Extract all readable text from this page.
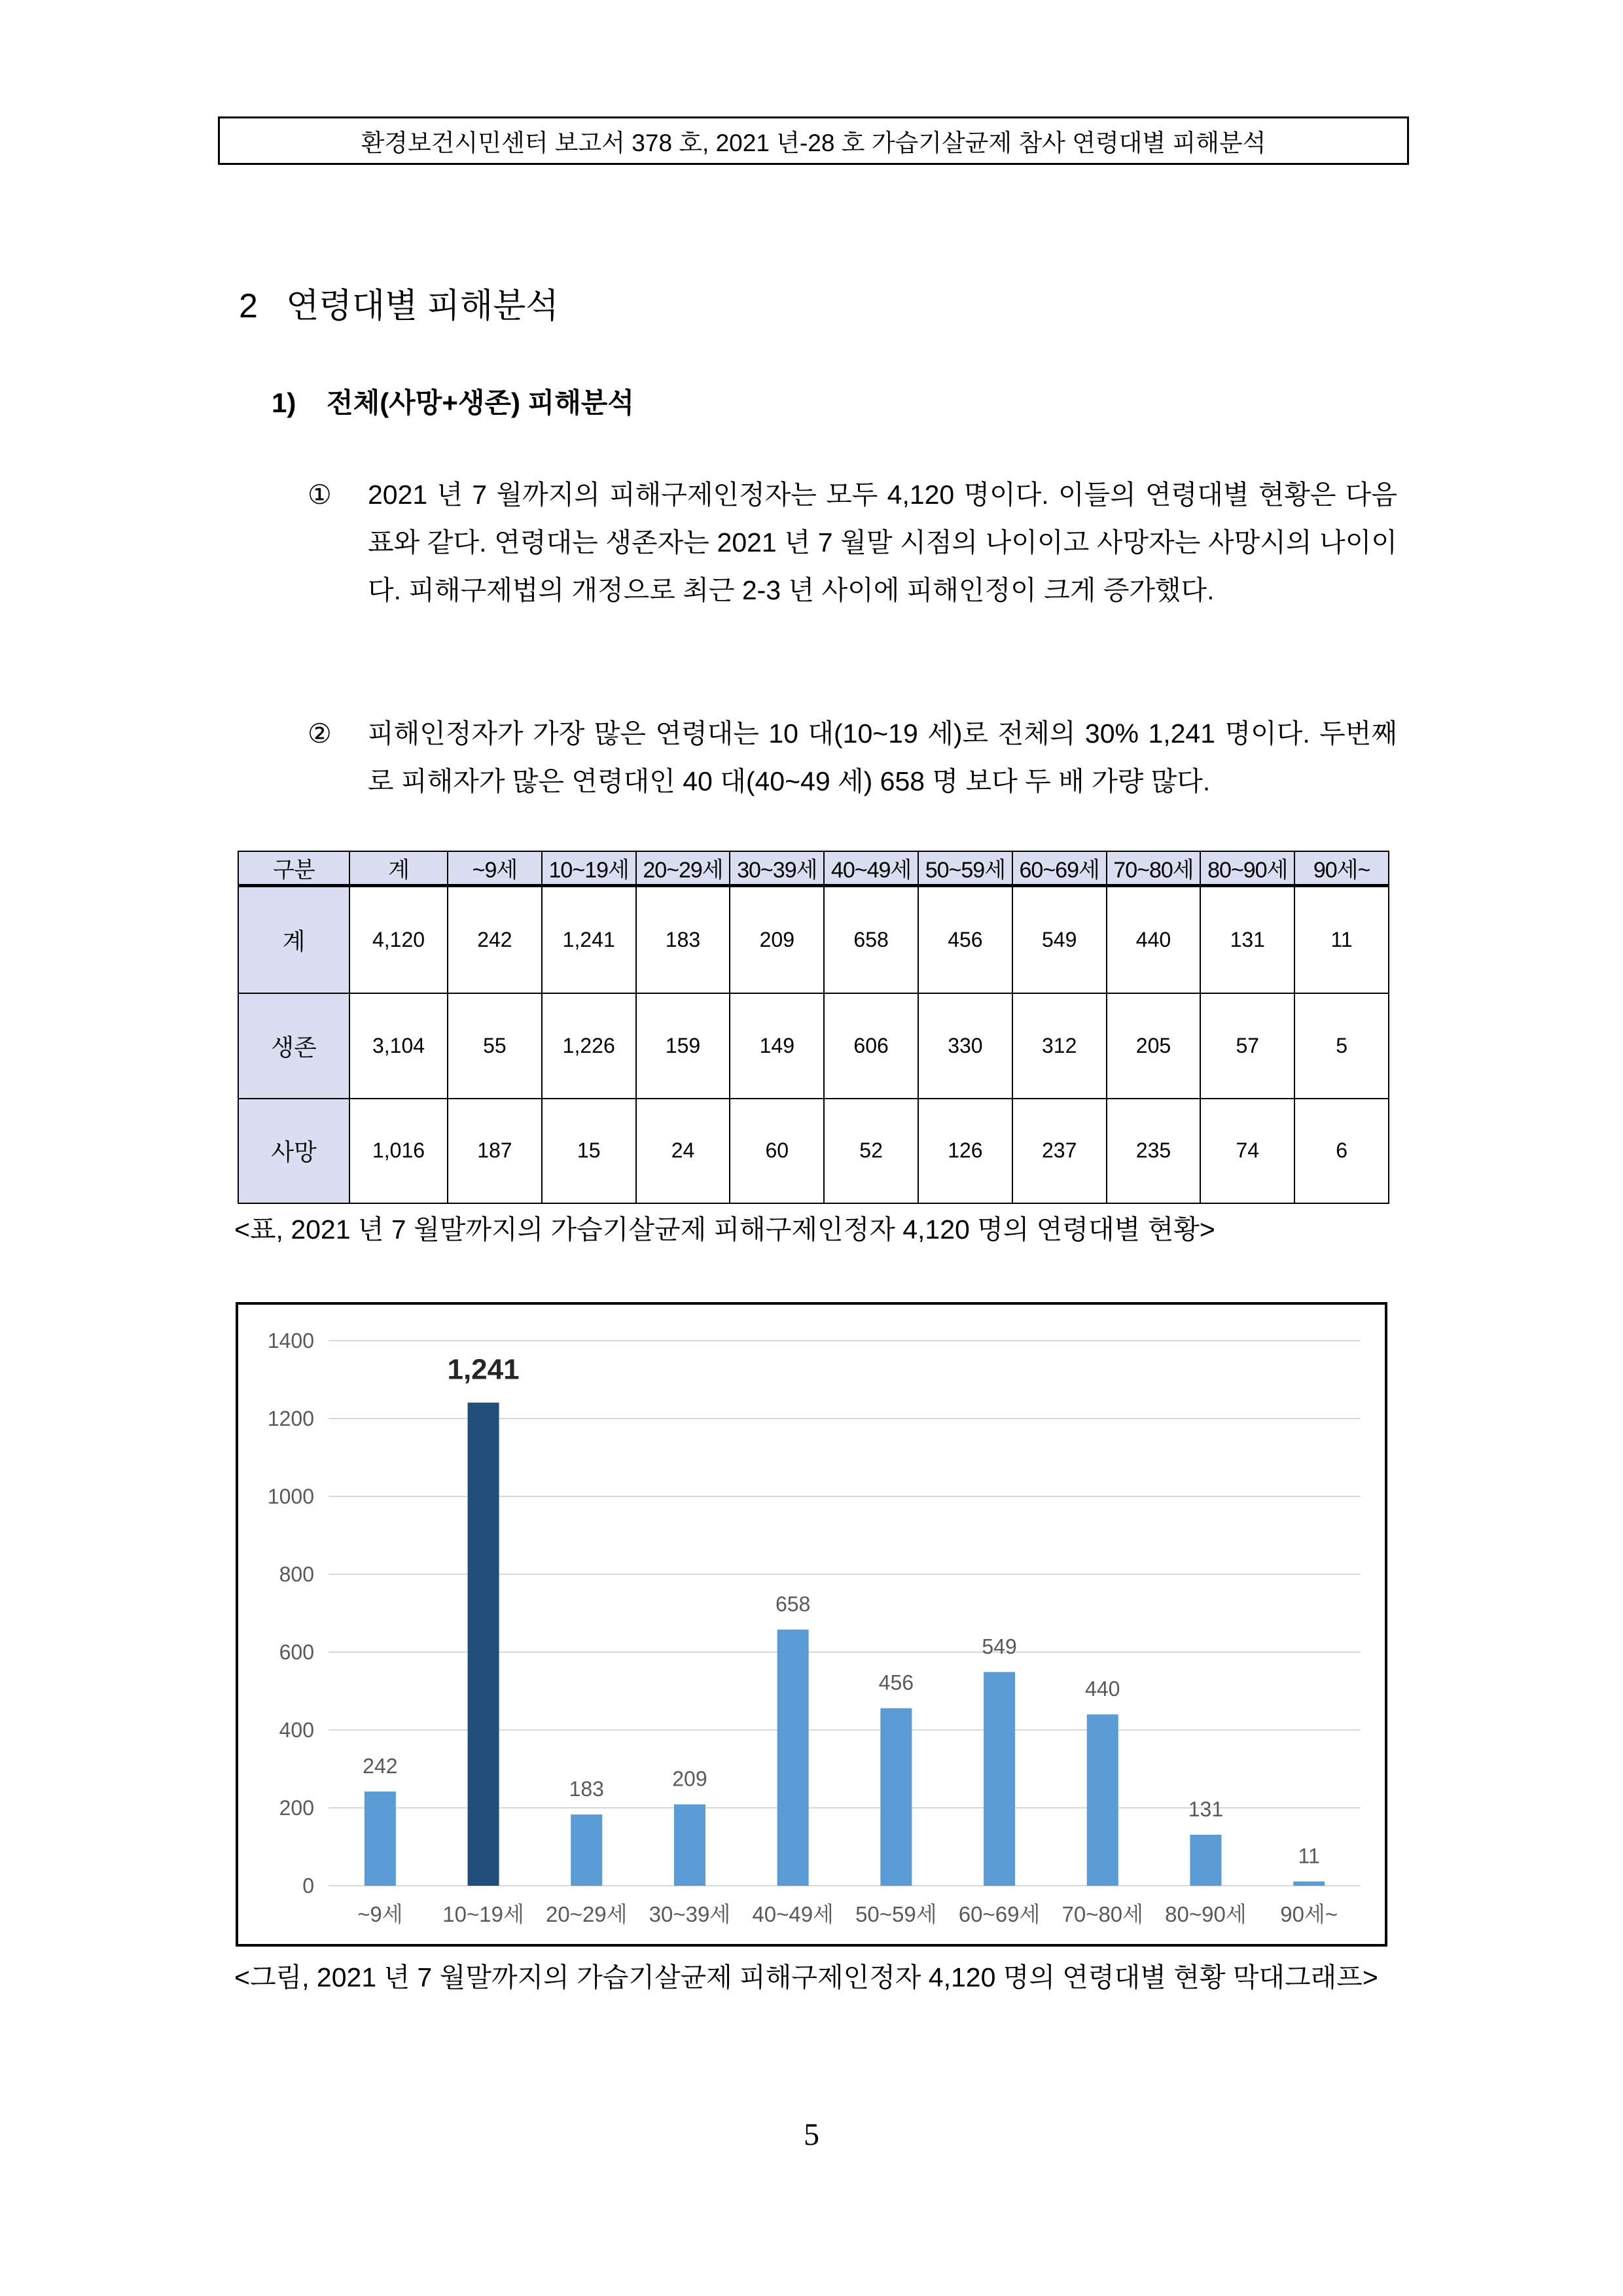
환경보건시민센터 보고서 378 호, 2021 년-28 호 가습기살균제 참사 연령대별 피해분석
2 연령대별 피해분석
1) 전체(사망+생존) 피해분석
①	2021 년 7 월까지의 피해구제인정자는 모두 4,120 명이다. 이들의 연령대별 현황은 다음 표와 같다. 연령대는 생존자는 2021 년 7 월말 시점의 나이이고 사망자는 사망시의 나이이다. 피해구제법의 개정으로 최근 2-3 년 사이에 피해인정이 크게 증가했다.
②	피해인정자가 가장 많은 연령대는 10 대(10~19 세)로 전체의 30% 1,241 명이다. 두번째로 피해자가 많은 연령대인 40 대(40~49 세) 658 명 보다 두 배 가량 많다.
구분	계	~9세	10~19세	20~29세	30~39세	40~49세	50~59세	60~69세	70~80세	80~90세	90세~
계	4,120	242	1,241	183	209	658	456	549	440	131	11
생존	3,104	55	1,226	159	149	606	330	312	205	57	5
사망	1,016	187	15	24	60	52	126	237	235	74	6
<표, 2021 년 7 월말까지의 가습기살균제 피해구제인정자 4,120 명의 연령대별 현황>
0
200
400
600
800
1000
1200
1400
242
~9세
1,241
10~19세
183
20~29세
209
30~39세
658
40~49세
456
50~59세
549
60~69세
440
70~80세
131
80~90세
11
90세~
<그림, 2021 년 7 월말까지의 가습기살균제 피해구제인정자 4,120 명의 연령대별 현황 막대그래프>
5
